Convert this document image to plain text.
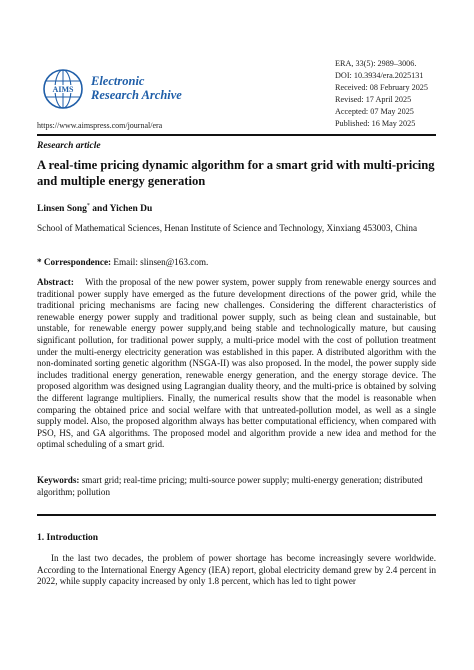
AIMS
Electronic
Research Archive
https://www.aimspress.com/journal/era
ERA, 33(5): 2989–3006.
DOI: 10.3934/era.2025131
Received: 08 February 2025
Revised: 17 April 2025
Accepted: 07 May 2025
Published: 16 May 2025
Research article
A real-time pricing dynamic algorithm for a smart grid with multi-pricing and multiple energy generation
Linsen Song* and Yichen Du
School of Mathematical Sciences, Henan Institute of Science and Technology, Xinxiang 453003, China
* Correspondence: Email: slinsen@163.com.
Abstract: With the proposal of the new power system, power supply from renewable energy sources and traditional power supply have emerged as the future development directions of the power grid, while the traditional pricing mechanisms are facing new challenges. Considering the different characteristics of renewable energy power supply and traditional power supply, such as being clean and sustainable, but unstable, for renewable energy power supply,and being stable and technologically mature, but causing significant pollution, for traditional power supply, a multi-price model with the cost of pollution treatment under the multi-energy electricity generation was established in this paper. A distributed algorithm with the non-dominated sorting genetic algorithm (NSGA-II) was also proposed. In the model, the power supply side includes traditional energy generation, renewable energy generation, and the energy storage device. The proposed algorithm was designed using Lagrangian duality theory, and the multi-price is obtained by solving the different lagrange multipliers. Finally, the numerical results show that the model is reasonable when comparing the obtained price and social welfare with that untreated-pollution model, as well as a single supply model. Also, the proposed algorithm always has better computational efficiency, when compared with PSO, HS, and GA algorithms. The proposed model and algorithm provide a new idea and method for the optimal scheduling of a smart grid.
Keywords: smart grid; real-time pricing; multi-source power supply; multi-energy generation; distributed algorithm; pollution
1. Introduction
In the last two decades, the problem of power shortage has become increasingly severe worldwide. According to the International Energy Agency (IEA) report, global electricity demand grew by 2.4 percent in 2022, while supply capacity increased by only 1.8 percent, which has led to tight power
